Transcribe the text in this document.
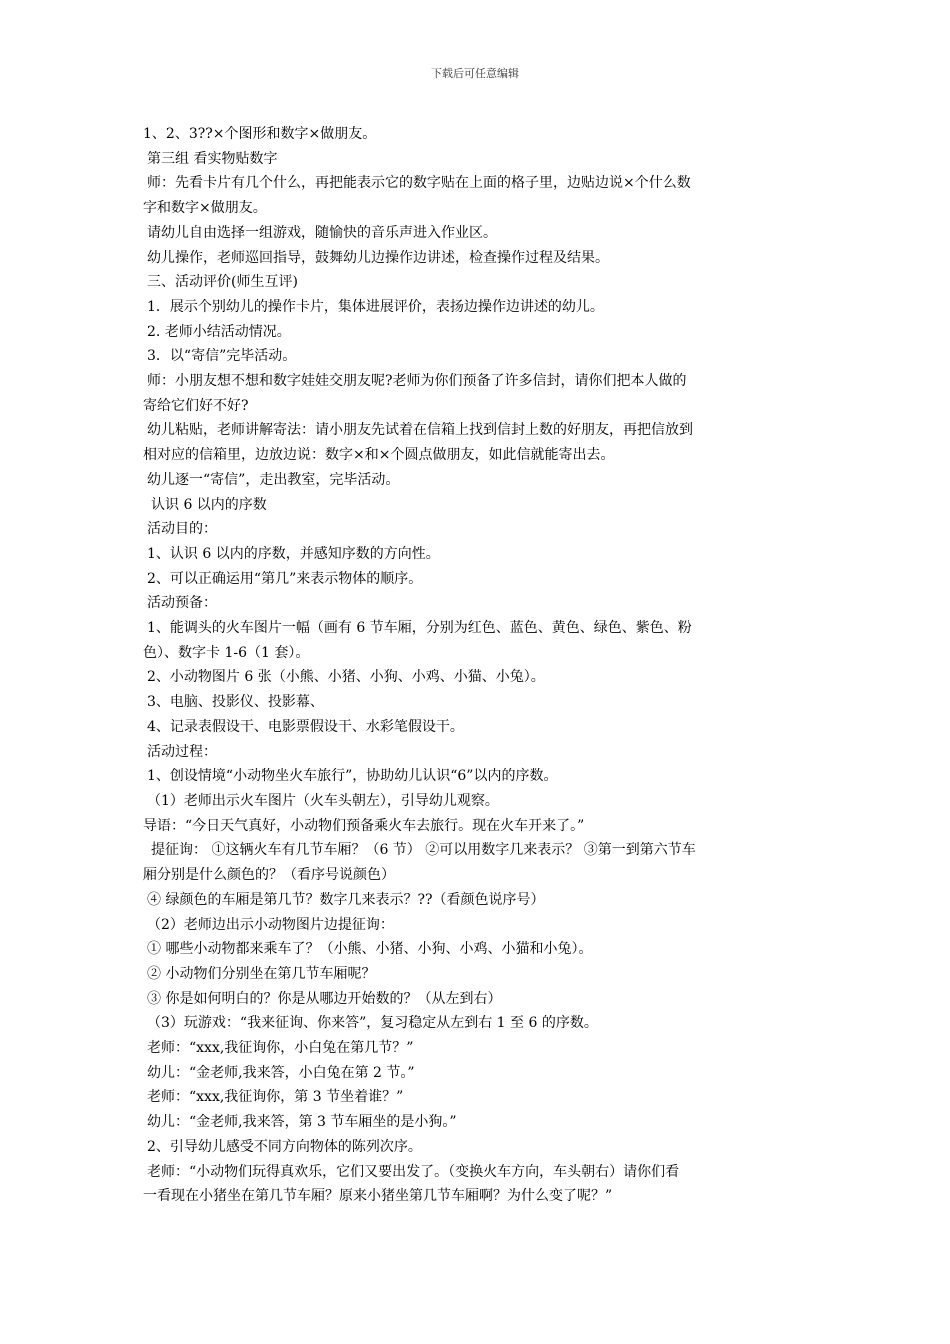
下载后可任意编辑
1、2、3??×个图形和数字×做朋友。
第三组 看实物贴数字
师：先看卡片有几个什么，再把能表示它的数字贴在上面的格子里，边贴边说×个什么数
字和数字×做朋友。
请幼儿自由选择一组游戏，随愉快的音乐声进入作业区。
幼儿操作，老师巡回指导，鼓舞幼儿边操作边讲述，检查操作过程及结果。
三、活动评价(师生互评)
1．展示个别幼儿的操作卡片，集体进展评价，表扬边操作边讲述的幼儿。
2. 老师小结活动情况。
3．以“寄信”完毕活动。
师：小朋友想不想和数字娃娃交朋友呢?老师为你们预备了许多信封，请你们把本人做的
寄给它们好不好?
幼儿粘贴，老师讲解寄法：请小朋友先试着在信箱上找到信封上数的好朋友，再把信放到
相对应的信箱里，边放边说：数字×和×个圆点做朋友，如此信就能寄出去。
幼儿逐一“寄信”，走出教室，完毕活动。
认识 6 以内的序数
活动目的：
1、认识 6 以内的序数，并感知序数的方向性。
2、可以正确运用“第几”来表示物体的顺序。
活动预备：
1、能调头的火车图片一幅（画有 6 节车厢，分别为红色、蓝色、黄色、绿色、紫色、粉
色）、数字卡 1-6（1 套）。
2、小动物图片 6 张（小熊、小猪、小狗、小鸡、小猫、小兔）。
3、电脑、投影仪、投影幕、
4、记录表假设干、电影票假设干、水彩笔假设干。
活动过程：
1、创设情境“小动物坐火车旅行”，协助幼儿认识“6”以内的序数。
（1）老师出示火车图片（火车头朝左），引导幼儿观察。
导语：“今日天气真好，小动物们预备乘火车去旅行。现在火车开来了。”
提征询： ①这辆火车有几节车厢？（6 节） ②可以用数字几来表示？ ③第一到第六节车
厢分别是什么颜色的？（看序号说颜色）
④ 绿颜色的车厢是第几节？数字几来表示？??（看颜色说序号）
（2）老师边出示小动物图片边提征询：
① 哪些小动物都来乘车了？（小熊、小猪、小狗、小鸡、小猫和小兔）。
② 小动物们分别坐在第几节车厢呢？
③ 你是如何明白的？你是从哪边开始数的？（从左到右）
（3）玩游戏：“我来征询、你来答”，复习稳定从左到右 1 至 6 的序数。
老师：“xxx,我征询你，小白兔在第几节？”
幼儿：“金老师,我来答，小白兔在第 2 节。”
老师：“xxx,我征询你，第 3 节坐着谁？”
幼儿：“金老师,我来答，第 3 节车厢坐的是小狗。”
2、引导幼儿感受不同方向物体的陈列次序。
老师：“小动物们玩得真欢乐，它们又要出发了。（变换火车方向，车头朝右）请你们看
一看现在小猪坐在第几节车厢？原来小猪坐第几节车厢啊？为什么变了呢？”
